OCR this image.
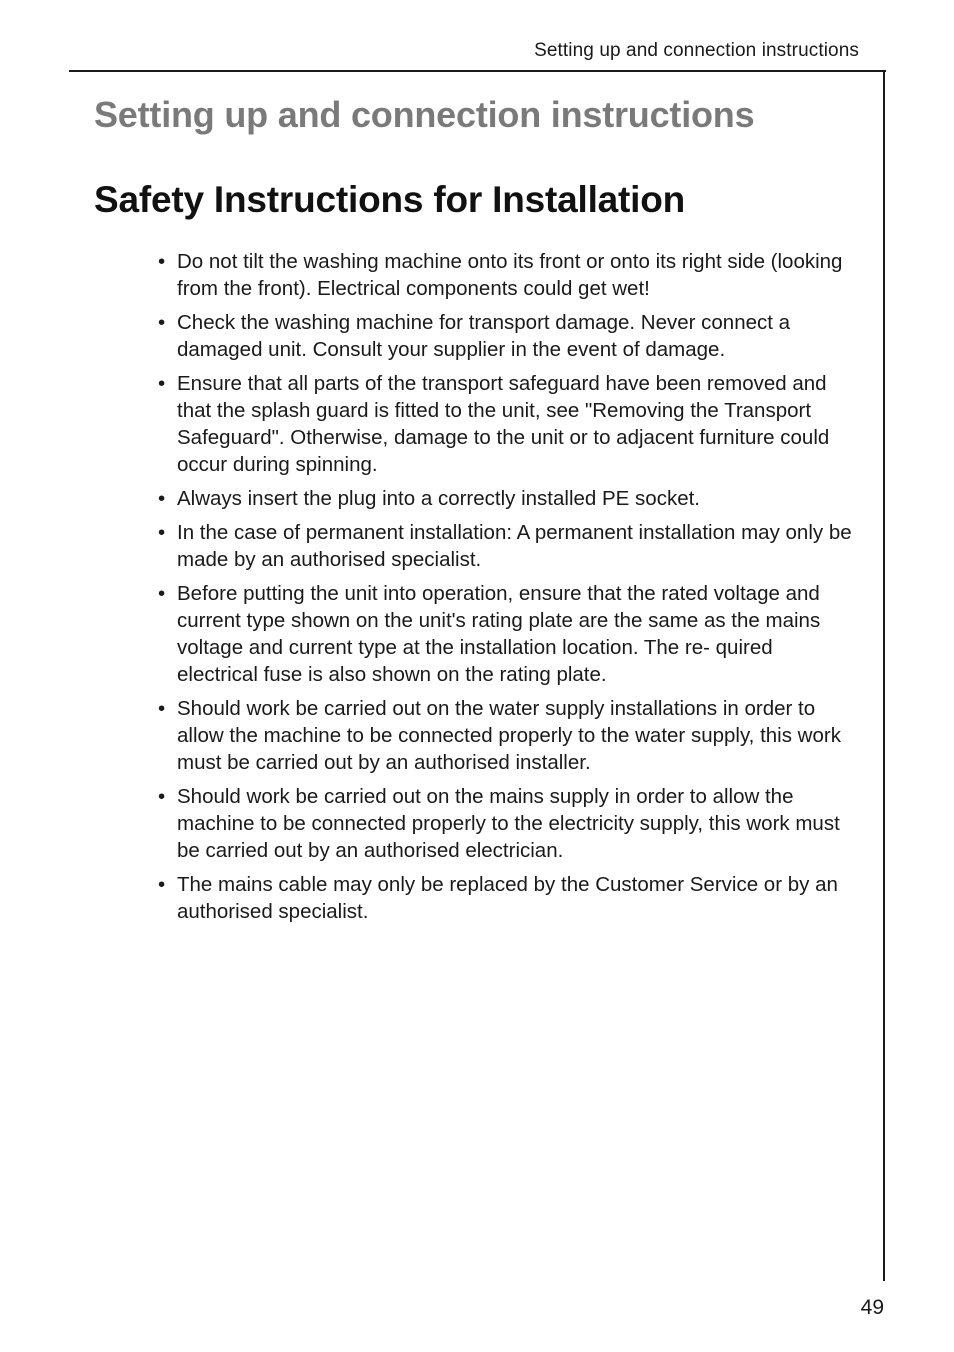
Setting up and connection instructions
Setting up and connection instructions
Safety Instructions for Installation
• Do not tilt the washing machine onto its front or onto its right side (looking from the front). Electrical components could get wet!
• Check the washing machine for transport damage. Never connect a damaged unit. Consult your supplier in the event of damage.
• Ensure that all parts of the transport safeguard have been removed and that the splash guard is fitted to the unit, see "Removing the Transport Safeguard". Otherwise, damage to the unit or to adjacent furniture could occur during spinning.
• Always insert the plug into a correctly installed PE socket.
• In the case of permanent installation: A permanent installation may only be made by an authorised specialist.
• Before putting the unit into operation, ensure that the rated voltage and current type shown on the unit's rating plate are the same as the mains voltage and current type at the installation location. The re- quired electrical fuse is also shown on the rating plate.
• Should work be carried out on the water supply installations in order to allow the machine to be connected properly to the water supply, this work must be carried out by an authorised installer.
• Should work be carried out on the mains supply in order to allow the machine to be connected properly to the electricity supply, this work must be carried out by an authorised electrician.
• The mains cable may only be replaced by the Customer Service or by an authorised specialist.
49
